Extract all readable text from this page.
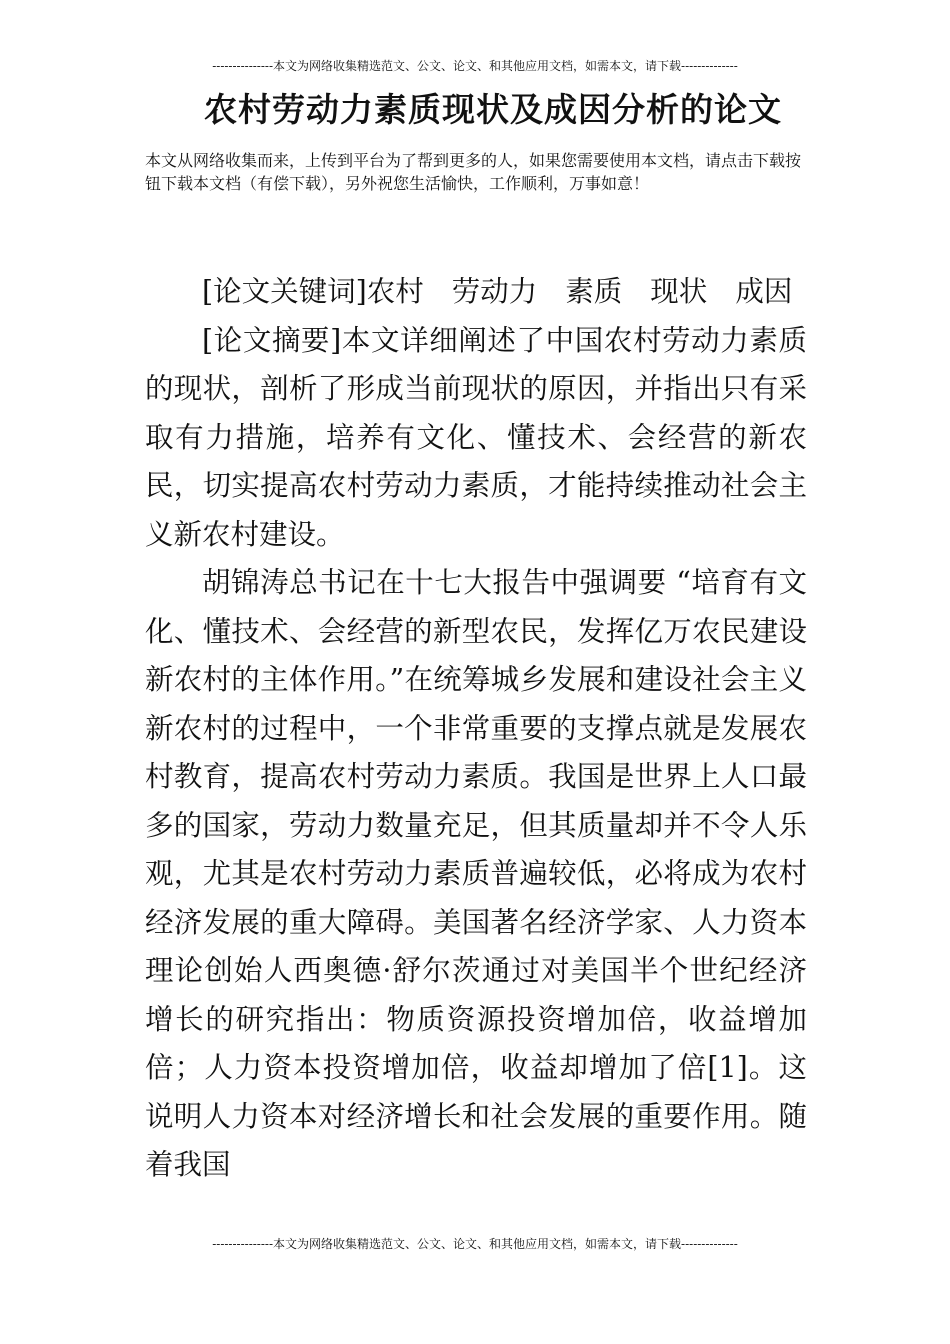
---------------本文为网络收集精选范文、公文、论文、和其他应用文档，如需本文，请下载--------------
农村劳动力素质现状及成因分析的论文

本文从网络收集而来，上传到平台为了帮到更多的人，如果您需要使用本文档，请点击下载按钮下载本文档（有偿下载），另外祝您生活愉快，工作顺利，万事如意！

[论文关键词]农村 劳动力 素质 现状 成因

[论文摘要]本文详细阐述了中国农村劳动力素质的现状，剖析了形成当前现状的原因，并指出只有采取有力措施，培养有文化、懂技术、会经营的新农民，切实提高农村劳动力素质，才能持续推动社会主义新农村建设。

胡锦涛总书记在十七大报告中强调要 “培育有文化、懂技术、会经营的新型农民，发挥亿万农民建设新农村的主体作用。”在统筹城乡发展和建设社会主义新农村的过程中，一个非常重要的支撑点就是发展农村教育，提高农村劳动力素质。我国是世界上人口最多的国家，劳动力数量充足，但其质量却并不令人乐观，尤其是农村劳动力素质普遍较低，必将成为农村经济发展的重大障碍。美国著名经济学家、人力资本理论创始人西奥德·舒尔茨通过对美国半个世纪经济增长的研究指出：物质资源投资增加倍，收益增加倍；人力资本投资增加倍，收益却增加了倍[1]。这说明人力资本对经济增长和社会发展的重要作用。随着我国

---------------本文为网络收集精选范文、公文、论文、和其他应用文档，如需本文，请下载--------------
